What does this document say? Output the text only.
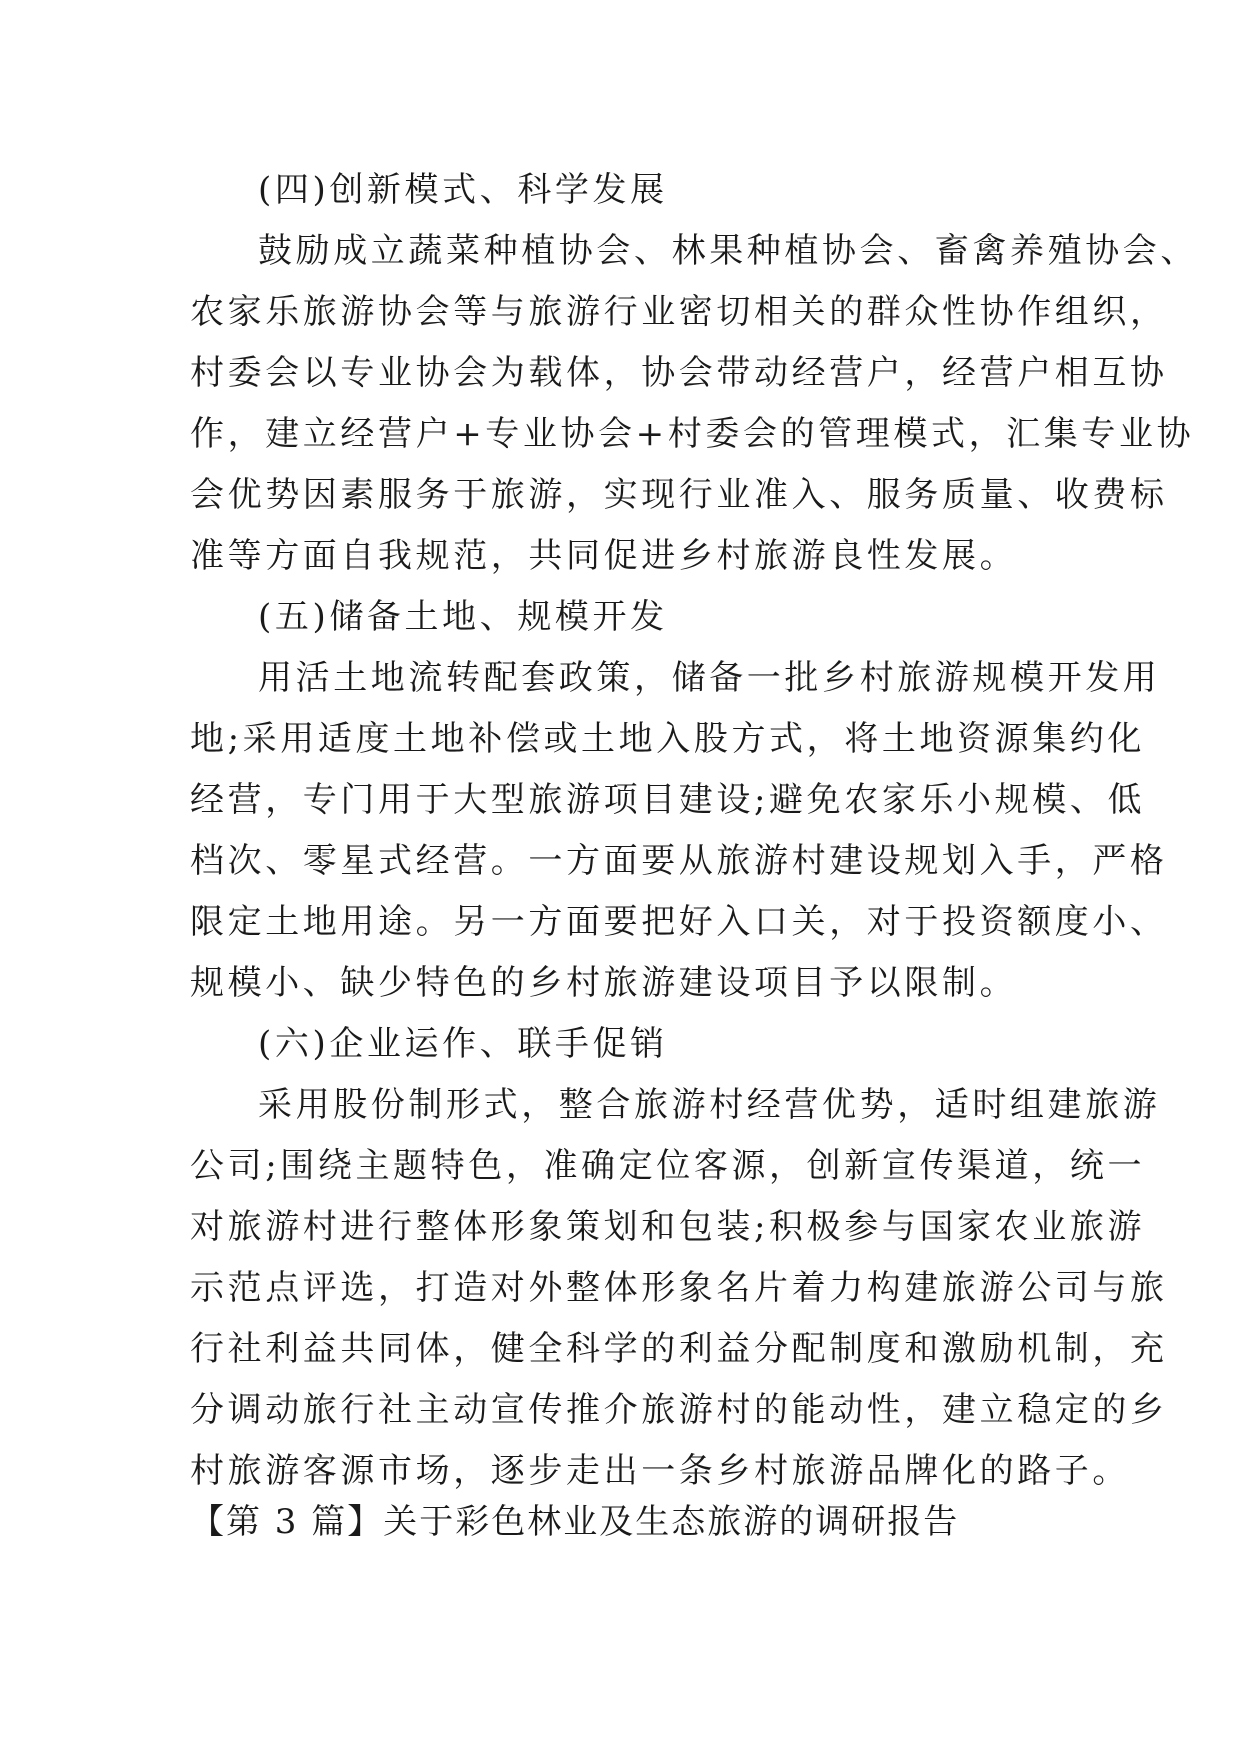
(四)创新模式、科学发展
鼓励成立蔬菜种植协会、林果种植协会、畜禽养殖协会、
农家乐旅游协会等与旅游行业密切相关的群众性协作组织，
村委会以专业协会为载体，协会带动经营户，经营户相互协
作，建立经营户+专业协会+村委会的管理模式，汇集专业协
会优势因素服务于旅游，实现行业准入、服务质量、收费标
准等方面自我规范，共同促进乡村旅游良性发展。
(五)储备土地、规模开发
用活土地流转配套政策，储备一批乡村旅游规模开发用
地;采用适度土地补偿或土地入股方式，将土地资源集约化
经营，专门用于大型旅游项目建设;避免农家乐小规模、低
档次、零星式经营。一方面要从旅游村建设规划入手，严格
限定土地用途。另一方面要把好入口关，对于投资额度小、
规模小、缺少特色的乡村旅游建设项目予以限制。
(六)企业运作、联手促销
采用股份制形式，整合旅游村经营优势，适时组建旅游
公司;围绕主题特色，准确定位客源，创新宣传渠道，统一
对旅游村进行整体形象策划和包装;积极参与国家农业旅游
示范点评选，打造对外整体形象名片着力构建旅游公司与旅
行社利益共同体，健全科学的利益分配制度和激励机制，充
分调动旅行社主动宣传推介旅游村的能动性，建立稳定的乡
村旅游客源市场，逐步走出一条乡村旅游品牌化的路子。
【第 3 篇】关于彩色林业及生态旅游的调研报告
